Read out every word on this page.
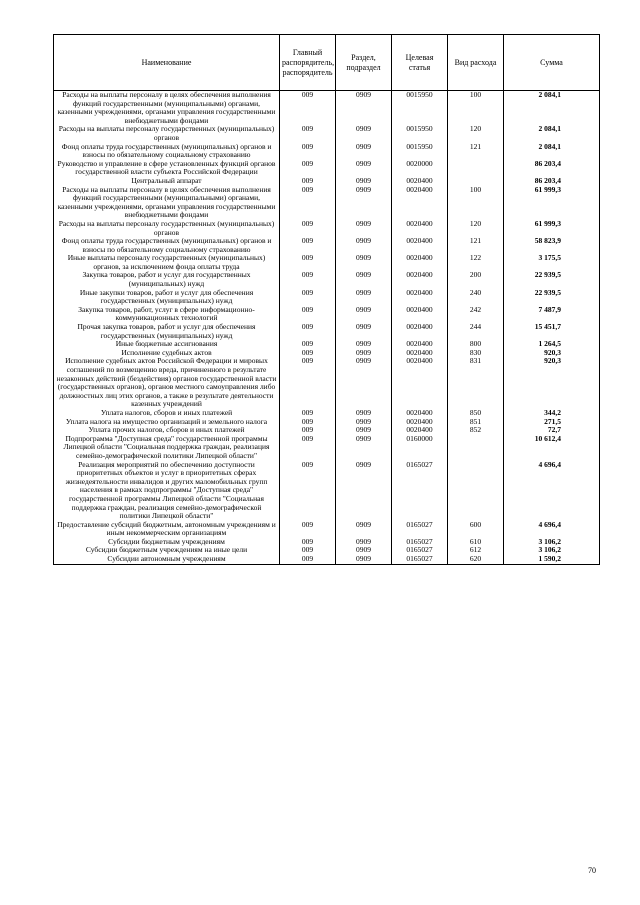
Наименование	Главный распорядитель, распорядитель	Раздел, подраздел	Целевая статья	Вид расхода	Сумма
Расходы на выплаты персоналу в целях обеспечения выполнения функций государственными (муниципальными) органами, казенными учреждениями, органами управления государственными внебюджетными фондами	009	0909	0015950	100	2 084,1
Расходы на выплаты персоналу государственных (муниципальных) органов	009	0909	0015950	120	2 084,1
Фонд оплаты труда государственных (муниципальных) органов и взносы по обязательному социальному страхованию	009	0909	0015950	121	2 084,1
Руководство и управление в сфере установленных функций органов государственной власти субъекта Российской Федерации	009	0909	0020000		86 203,4
Центральный аппарат	009	0909	0020400		86 203,4
Расходы на выплаты персоналу в целях обеспечения выполнения функций государственными (муниципальными) органами, казенными учреждениями, органами управления государственными внебюджетными фондами	009	0909	0020400	100	61 999,3
Расходы на выплаты персоналу государственных (муниципальных) органов	009	0909	0020400	120	61 999,3
Фонд оплаты труда государственных (муниципальных) органов и взносы по обязательному социальному страхованию	009	0909	0020400	121	58 823,9
Иные выплаты персоналу государственных (муниципальных) органов, за исключением фонда оплаты труда	009	0909	0020400	122	3 175,5
Закупка товаров, работ и услуг для государственных (муниципальных) нужд	009	0909	0020400	200	22 939,5
Иные закупки товаров, работ и услуг для обеспечения государственных (муниципальных) нужд	009	0909	0020400	240	22 939,5
Закупка товаров, работ, услуг в сфере информационно-коммуникационных технологий	009	0909	0020400	242	7 487,9
Прочая закупка товаров, работ и услуг для обеспечения государственных (муниципальных) нужд	009	0909	0020400	244	15 451,7
Иные бюджетные ассигнования	009	0909	0020400	800	1 264,5
Исполнение судебных актов	009	0909	0020400	830	920,3
Исполнение судебных актов Российской Федерации и мировых соглашений по возмещению вреда, причиненного в результате незаконных действий (бездействия) органов государственной власти (государственных органов), органов местного самоуправления либо должностных лиц этих органов, а также в результате деятельности казенных учреждений	009	0909	0020400	831	920,3
Уплата налогов, сборов и иных платежей	009	0909	0020400	850	344,2
Уплата налога на имущество организаций и земельного налога	009	0909	0020400	851	271,5
Уплата прочих налогов, сборов и иных платежей	009	0909	0020400	852	72,7
Подпрограмма "Доступная среда" государственной программы Липецкой области "Социальная поддержка граждан, реализация семейно-демографической политики Липецкой области"	009	0909	0160000		10 612,4
Реализация мероприятий по обеспечению доступности приоритетных объектов и услуг в приоритетных сферах жизнедеятельности инвалидов и других маломобильных групп населения в рамках подпрограммы "Доступная среда" государственной программы Липецкой области "Социальная поддержка граждан, реализация семейно-демографической политики Липецкой области"	009	0909	0165027		4 696,4
Предоставление субсидий бюджетным, автономным учреждениям и иным некоммерческим организациям	009	0909	0165027	600	4 696,4
Субсидии бюджетным учреждениям	009	0909	0165027	610	3 106,2
Субсидии бюджетным учреждениям на иные цели	009	0909	0165027	612	3 106,2
Субсидии автономным учреждениям	009	0909	0165027	620	1 590,2
70
